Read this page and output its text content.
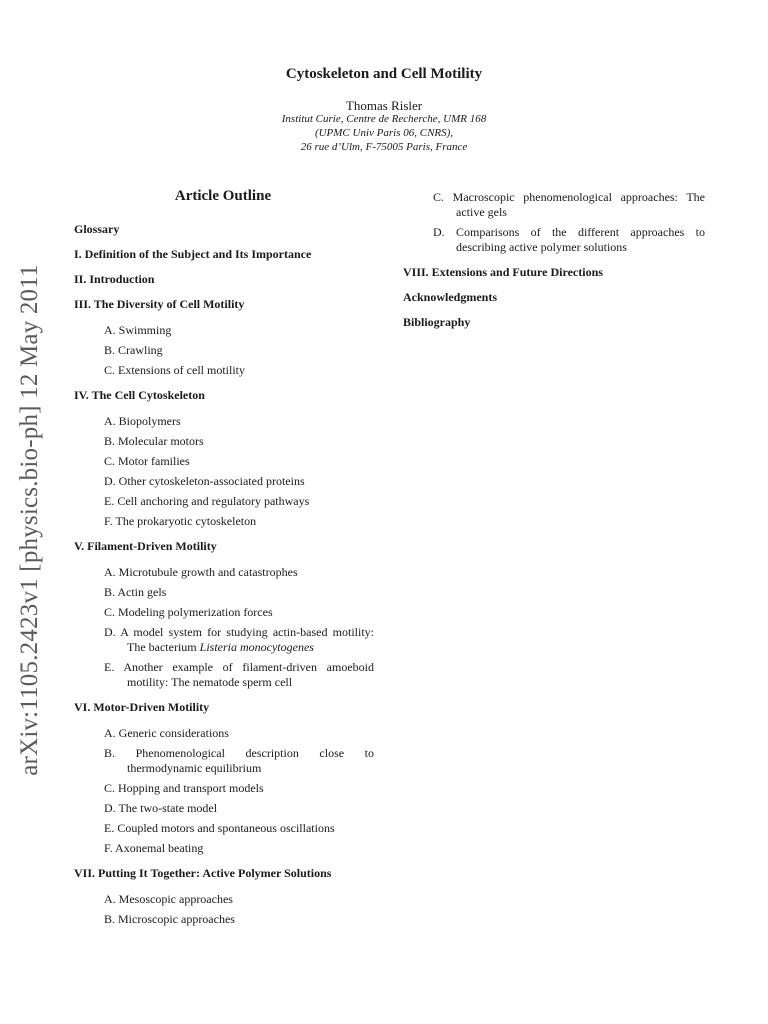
arXiv:1105.2423v1 [physics.bio-ph] 12 May 2011
Cytoskeleton and Cell Motility
Thomas Risler
Institut Curie, Centre de Recherche, UMR 168
(UPMC Univ Paris 06, CNRS),
26 rue d’Ulm, F-75005 Paris, France
Article Outline

Glossary

I. Definition of the Subject and Its Importance

II. Introduction

III. The Diversity of Cell Motility

A. Swimming

B. Crawling

C. Extensions of cell motility

IV. The Cell Cytoskeleton

A. Biopolymers

B. Molecular motors

C. Motor families

D. Other cytoskeleton-associated proteins

E. Cell anchoring and regulatory pathways

F. The prokaryotic cytoskeleton

V. Filament-Driven Motility

A. Microtubule growth and catastrophes

B. Actin gels

C. Modeling polymerization forces

D. A model system for studying actin-based motility: The bacterium Listeria monocytogenes

E. Another example of filament-driven amoeboid motility: The nematode sperm cell

VI. Motor-Driven Motility

A. Generic considerations

B. Phenomenological description close to thermodynamic equilibrium

C. Hopping and transport models

D. The two-state model

E. Coupled motors and spontaneous oscillations

F. Axonemal beating

VII. Putting It Together: Active Polymer Solutions

A. Mesoscopic approaches

B. Microscopic approaches

C. Macroscopic phenomenological approaches: The active gels

D. Comparisons of the different approaches to describing active polymer solutions

VIII. Extensions and Future Directions

Acknowledgments

Bibliography
